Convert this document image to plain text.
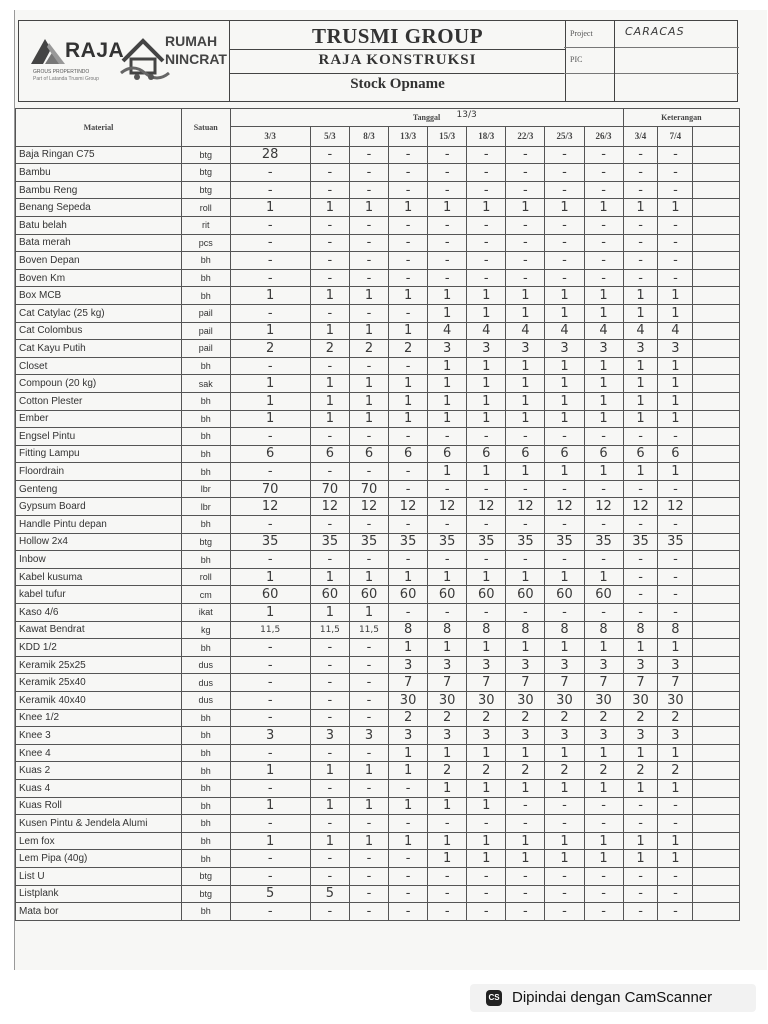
RAJA
GROUS PROPERTINDO
Part of Latanda Trusmi Group
RUMAH
NINCRAT
TRUSMI GROUP
RAJA KONSTRUKSI
Stock Opname
Project
PIC
CARACAS
Material	Satuan	Tanggal 13/3									Keterangan		
		3/3	5/3	8/3	13/3	15/3	18/3	22/3	25/3	26/3	3/4	7/4	
Baja Ringan C75	btg	28	-	-	-	-	-	-	-	-	-	-	
Bambu	btg	-	-	-	-	-	-	-	-	-	-	-	
Bambu Reng	btg	-	-	-	-	-	-	-	-	-	-	-	
Benang Sepeda	roll	1	1	1	1	1	1	1	1	1	1	1	
Batu belah	rit	-	-	-	-	-	-	-	-	-	-	-	
Bata merah	pcs	-	-	-	-	-	-	-	-	-	-	-	
Boven Depan	bh	-	-	-	-	-	-	-	-	-	-	-	
Boven Km	bh	-	-	-	-	-	-	-	-	-	-	-	
Box MCB	bh	1	1	1	1	1	1	1	1	1	1	1	
Cat Catylac (25 kg)	pail	-	-	-	-	1	1	1	1	1	1	1	
Cat Colombus	pail	1	1	1	1	4	4	4	4	4	4	4	
Cat Kayu Putih	pail	2	2	2	2	3	3	3	3	3	3	3	
Closet	bh	-	-	-	-	1	1	1	1	1	1	1	
Compoun (20 kg)	sak	1	1	1	1	1	1	1	1	1	1	1	
Cotton Plester	bh	1	1	1	1	1	1	1	1	1	1	1	
Ember	bh	1	1	1	1	1	1	1	1	1	1	1	
Engsel Pintu	bh	-	-	-	-	-	-	-	-	-	-	-	
Fitting Lampu	bh	6	6	6	6	6	6	6	6	6	6	6	
Floordrain	bh	-	-	-	-	1	1	1	1	1	1	1	
Genteng	lbr	70	70	70	-	-	-	-	-	-	-	-	
Gypsum Board	lbr	12	12	12	12	12	12	12	12	12	12	12	
Handle Pintu depan	bh	-	-	-	-	-	-	-	-	-	-	-	
Hollow 2x4	btg	35	35	35	35	35	35	35	35	35	35	35	
Inbow	bh	-	-	-	-	-	-	-	-	-	-	-	
Kabel kusuma	roll	1	1	1	1	1	1	1	1	1	-	-	
kabel tufur	cm	60	60	60	60	60	60	60	60	60	-	-	
Kaso 4/6	ikat	1	1	1	-	-	-	-	-	-	-	-	
Kawat Bendrat	kg	11,5	11,5	11,5	8	8	8	8	8	8	8	8	
KDD 1/2	bh	-	-	-	1	1	1	1	1	1	1	1	
Keramik 25x25	dus	-	-	-	3	3	3	3	3	3	3	3	
Keramik 25x40	dus	-	-	-	7	7	7	7	7	7	7	7	
Keramik 40x40	dus	-	-	-	30	30	30	30	30	30	30	30	
Knee 1/2	bh	-	-	-	2	2	2	2	2	2	2	2	
Knee 3	bh	3	3	3	3	3	3	3	3	3	3	3	
Knee 4	bh	-	-	-	1	1	1	1	1	1	1	1	
Kuas 2	bh	1	1	1	1	2	2	2	2	2	2	2	
Kuas 4	bh	-	-	-	-	1	1	1	1	1	1	1	
Kuas Roll	bh	1	1	1	1	1	1	-	-	-	-	-	
Kusen Pintu & Jendela Alumi	bh	-	-	-	-	-	-	-	-	-	-	-	
Lem fox	bh	1	1	1	1	1	1	1	1	1	1	1	
Lem Pipa (40g)	bh	-	-	-	-	1	1	1	1	1	1	1	
List U	btg	-	-	-	-	-	-	-	-	-	-	-	
Listplank	btg	5	5	-	-	-	-	-	-	-	-	-	
Mata bor	bh	-	-	-	-	-	-	-	-	-	-	-	
CS Dipindai dengan CamScanner
